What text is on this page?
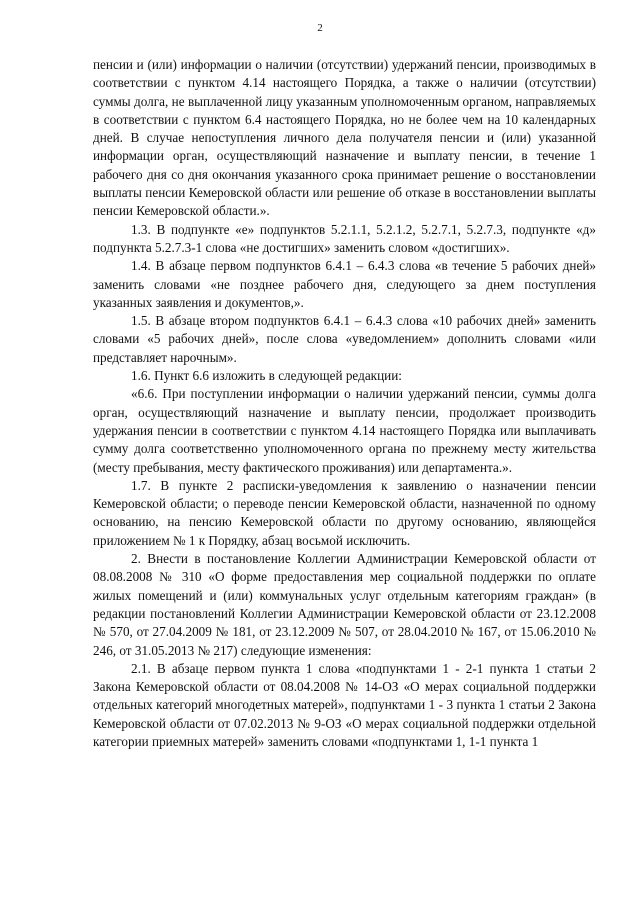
2

пенсии и (или) информации о наличии (отсутствии) удержаний пенсии, производимых в соответствии с пунктом 4.14 настоящего Порядка, а также о наличии (отсутствии) суммы долга, не выплаченной лицу указанным уполномоченным органом, направляемых в соответствии с пунктом 6.4 настоящего Порядка, но не более чем на 10 календарных дней. В случае непоступления личного дела получателя пенсии и (или) указанной информации орган, осуществляющий назначение и выплату пенсии, в течение 1 рабочего дня со дня окончания указанного срока принимает решение о восстановлении выплаты пенсии Кемеровской области или решение об отказе в восстановлении выплаты пенсии Кемеровской области.».

1.3. В подпункте «е» подпунктов 5.2.1.1, 5.2.1.2, 5.2.7.1, 5.2.7.3, подпункте «д» подпункта 5.2.7.3-1 слова «не достигших» заменить словом «достигших».

1.4. В абзаце первом подпунктов 6.4.1 – 6.4.3 слова «в течение 5 рабочих дней» заменить словами «не позднее рабочего дня, следующего за днем поступления указанных заявления и документов,».

1.5. В абзаце втором подпунктов 6.4.1 – 6.4.3 слова «10 рабочих дней» заменить словами «5 рабочих дней», после слова «уведомлением» дополнить словами «или представляет нарочным».

1.6. Пункт 6.6 изложить в следующей редакции:

«6.6. При поступлении информации о наличии удержаний пенсии, суммы долга орган, осуществляющий назначение и выплату пенсии, продолжает производить удержания пенсии в соответствии с пунктом 4.14 настоящего Порядка или выплачивать сумму долга соответственно уполномоченного органа по прежнему месту жительства (месту пребывания, месту фактического проживания) или департамента.».

1.7. В пункте 2 расписки-уведомления к заявлению о назначении пенсии Кемеровской области; о переводе пенсии Кемеровской области, назначенной по одному основанию, на пенсию Кемеровской области по другому основанию, являющейся приложением № 1 к Порядку, абзац восьмой исключить.

2. Внести в постановление Коллегии Администрации Кемеровской области от 08.08.2008 № 310 «О форме предоставления мер социальной поддержки по оплате жилых помещений и (или) коммунальных услуг отдельным категориям граждан» (в редакции постановлений Коллегии Администрации Кемеровской области от 23.12.2008 № 570, от 27.04.2009 № 181, от 23.12.2009 № 507, от 28.04.2010 № 167, от 15.06.2010 № 246, от 31.05.2013 № 217) следующие изменения:

2.1. В абзаце первом пункта 1 слова «подпунктами 1 - 2-1 пункта 1 статьи 2 Закона Кемеровской области от 08.04.2008 № 14-ОЗ «О мерах социальной поддержки отдельных категорий многодетных матерей», подпунктами 1 - 3 пункта 1 статьи 2 Закона Кемеровской области от 07.02.2013 № 9-ОЗ «О мерах социальной поддержки отдельной категории приемных матерей» заменить словами «подпунктами 1, 1-1 пункта 1
